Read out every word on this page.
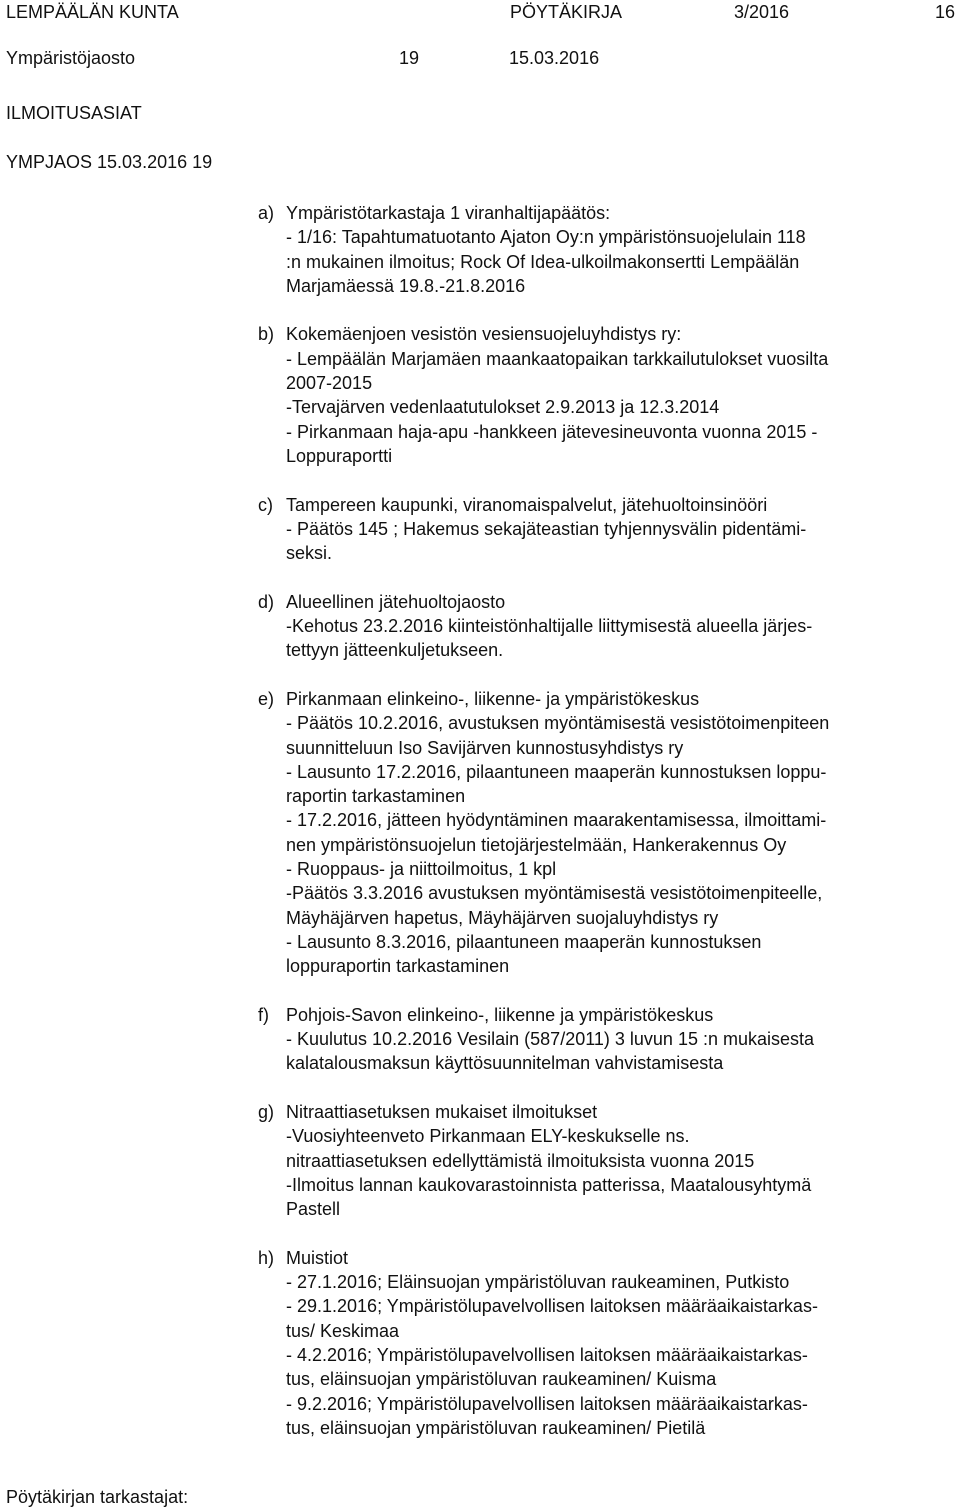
LEMPÄÄLÄN KUNTA	PÖYTÄKIRJA	3/2016	16
Ympäristöjaosto	19	15.03.2016
ILMOITUSASIAT
YMPJAOS 15.03.2016 19
a) Ympäristötarkastaja 1 viranhaltijapäätös:
- 1/16: Tapahtumatuotanto Ajaton Oy:n ympäristönsuojelulain 118
:n mukainen ilmoitus; Rock Of Idea-ulkoilmakonsertti Lempäälän
Marjamäessä 19.8.-21.8.2016
b) Kokemäenjoen vesistön vesiensuojeluyhdistys ry:
- Lempäälän Marjamäen maankaatopaikan tarkkailutulokset vuosilta
2007-2015
-Tervajärven vedenlaatutulokset 2.9.2013 ja 12.3.2014
- Pirkanmaan haja-apu -hankkeen jätevesineuvonta vuonna 2015 -
Loppuraportti
c) Tampereen kaupunki, viranomaispalvelut, jätehuoltoinsinööri
- Päätös 145 ; Hakemus sekajäteastian tyhjennysvälin pidentämi-
seksi.
d) Alueellinen jätehuoltojaosto
-Kehotus 23.2.2016 kiinteistönhaltijalle liittymisestä alueella järjes-
tettyyn jätteenkuljetukseen.
e) Pirkanmaan elinkeino-, liikenne- ja ympäristökeskus
- Päätös 10.2.2016, avustuksen myöntämisestä vesistötoimenpiteen
suunnitteluun Iso Savijärven kunnostusyhdistys ry
- Lausunto 17.2.2016, pilaantuneen maaperän kunnostuksen loppu-
raportin tarkastaminen
- 17.2.2016, jätteen hyödyntäminen maarakentamisessa, ilmoittami-
nen ympäristönsuojelun tietojärjestelmään, Hankerakennus Oy
- Ruoppaus- ja niittoilmoitus, 1 kpl
-Päätös 3.3.2016 avustuksen myöntämisestä vesistötoimenpiteelle,
Mäyhäjärven hapetus, Mäyhäjärven suojaluyhdistys ry
- Lausunto 8.3.2016, pilaantuneen maaperän kunnostuksen
loppuraportin tarkastaminen
f) Pohjois-Savon elinkeino-, liikenne ja ympäristökeskus
- Kuulutus 10.2.2016 Vesilain (587/2011) 3 luvun 15 :n mukaisesta
kalatalousmaksun käyttösuunnitelman vahvistamisesta
g) Nitraattiasetuksen mukaiset ilmoitukset
-Vuosiyhteenveto Pirkanmaan ELY-keskukselle ns.
nitraattiasetuksen edellyttämistä ilmoituksista vuonna 2015
-Ilmoitus lannan kaukovarastoinnista patterissa, Maatalousyhtymä
Pastell
h) Muistiot
- 27.1.2016; Eläinsuojan ympäristöluvan raukeaminen, Putkisto
- 29.1.2016; Ympäristölupavelvollisen laitoksen määräaikaistarkas-
tus/ Keskimaa
- 4.2.2016; Ympäristölupavelvollisen laitoksen määräaikaistarkas-
tus, eläinsuojan ympäristöluvan raukeaminen/ Kuisma
- 9.2.2016; Ympäristölupavelvollisen laitoksen määräaikaistarkas-
tus, eläinsuojan ympäristöluvan raukeaminen/ Pietilä
Pöytäkirjan tarkastajat:
